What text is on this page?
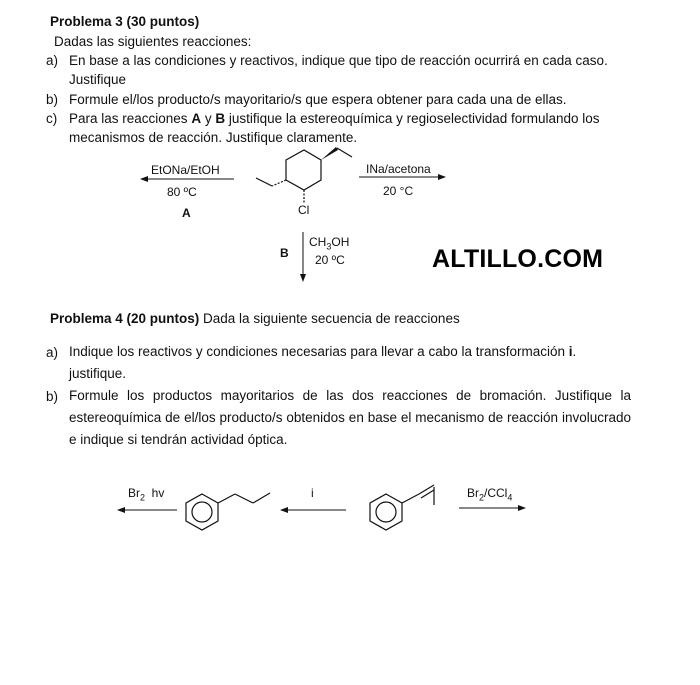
Problema 3 (30 puntos)
Dadas las siguientes reacciones:
a) En base a las condiciones y reactivos, indique que tipo de reacción ocurrirá en cada caso.
Justifique
b) Formule el/los producto/s mayoritario/s que espera obtener para cada una de ellas.
c) Para las reacciones A y B justifique la estereoquímica y regioselectividad formulando los
mecanismos de reacción. Justifique claramente.
EtONa/EtOH
80 ºC
A
INa/acetona
20 °C
Cl
B
$CH_3OH$
20 ºC	ALTILLO.COM
Problema 4 (20 puntos) Dada la siguiente secuencia de reacciones
a) Indique los reactivos y condiciones necesarias para llevar a cabo la transformación i.
justifique.
b) Formule los productos mayoritarios de las dos reacciones de bromación. Justifique la estereoquímica de el/los producto/s obtenidos en base el mecanismo de reacción involucrado e indique si tendrán actividad óptica.
$Br_2$  hv	i	$Br_2/CCl_4$
